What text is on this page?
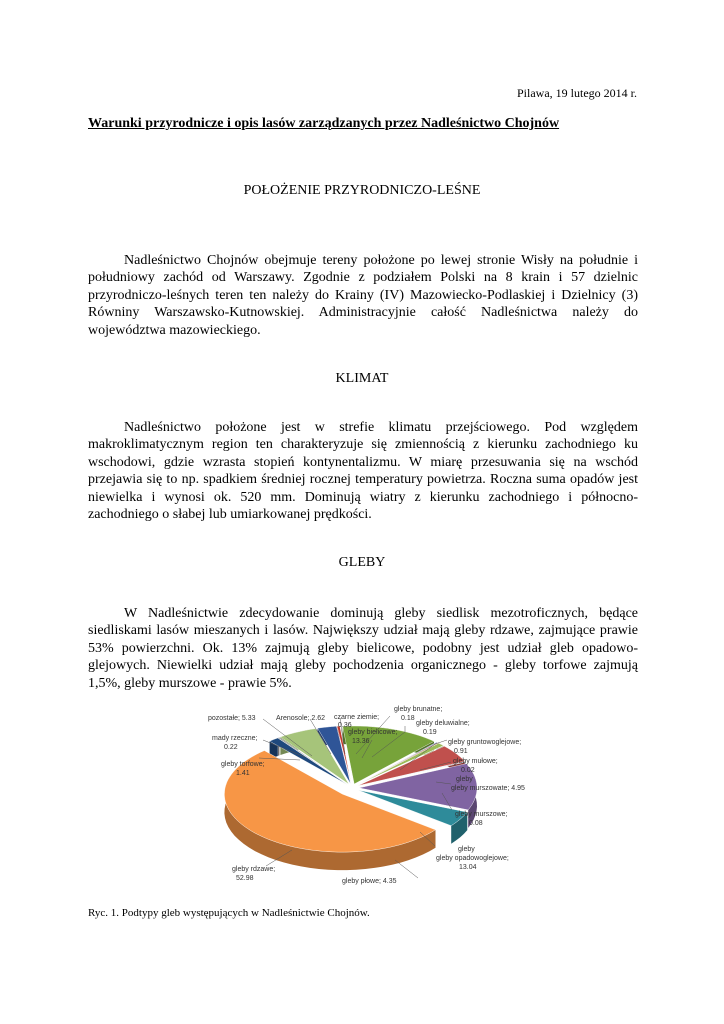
Pilawa, 19 lutego 2014 r.
Warunki przyrodnicze i opis lasów zarządzanych przez Nadleśnictwo Chojnów
POŁOŻENIE PRZYRODNICZO-LEŚNE

Nadleśnictwo Chojnów obejmuje tereny położone po lewej stronie Wisły na południe i południowy zachód od Warszawy. Zgodnie z podziałem Polski na 8 krain i 57 dzielnic przyrodniczo-leśnych teren ten należy do Krainy (IV) Mazowiecko-Podlaskiej i Dzielnicy (3) Równiny Warszawsko-Kutnowskiej. Administracyjnie całość Nadleśnictwa należy do województwa mazowieckiego.

KLIMAT

Nadleśnictwo położone jest w strefie klimatu przejściowego. Pod względem makroklimatycznym region ten charakteryzuje się zmiennością z kierunku zachodniego ku wschodowi, gdzie wzrasta stopień kontynentalizmu. W miarę przesuwania się na wschód przejawia się to np. spadkiem średniej rocznej temperatury powietrza. Roczna suma opadów jest niewielka i wynosi ok. 520 mm. Dominują wiatry z kierunku zachodniego i północno-zachodniego o słabej lub umiarkowanej prędkości.

GLEBY

W Nadleśnictwie zdecydowanie dominują gleby siedlisk mezotroficznych, będące siedliskami lasów mieszanych i lasów. Największy udział mają gleby rdzawe, zajmujące prawie 53% powierzchni. Ok. 13% zajmują gleby bielicowe, podobny jest udział gleb opadowo-glejowych. Niewielki udział mają gleby pochodzenia organicznego - gleby torfowe zajmują 1,5%, gleby murszowe - prawie 5%.

pozostałe; 5.33	Arenosole; 2.62 czarne ziemie;
0.36
gleby brunatne;
0.18
gleby deluwialne;
0.19
gleby bielicowe;
13.36	gleby gruntowoglejowe;
0.91
mady rzeczne;
0.22
gleby torfowe;
1.41
gleby mułowe;
0.02
gleby
gleby murszowate; 4.95
gleby murszowe;
0.08
gleby
gleby opadowoglejowe;
13.04
gleby rdzawe;
52.98	gleby płowe; 4.35
Ryc. 1. Podtypy gleb występujących w Nadleśnictwie Chojnów.
